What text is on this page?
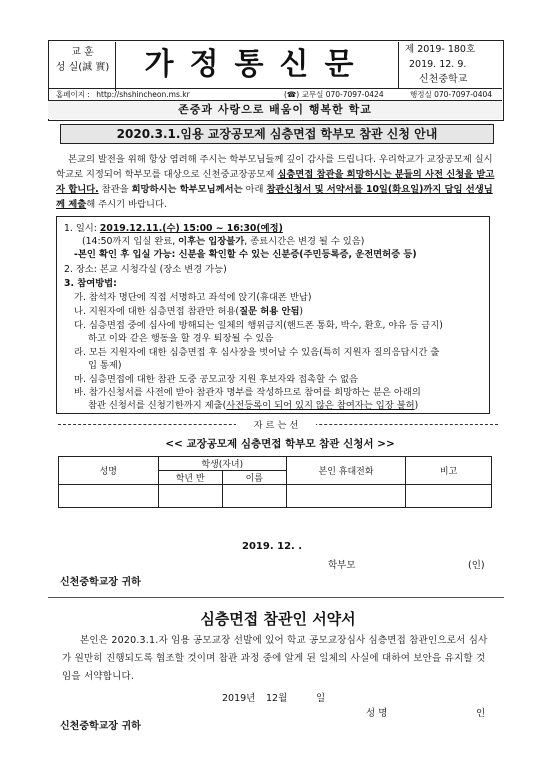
교 훈
성 실(誠 實)	가정통신문	제 2019- 180호
2019. 12. 9.
신천중학교
홈페이지 : http://shshincheon.ms.kr	(☎) 교무실 070-7097-0424	행정실 070-7097-0404
존중과 사랑으로 배움이 행복한 학교
2020.3.1.임용 교장공모제 심층면접 학부모 참관 신청 안내
본교의 발전을 위해 항상 염려해 주시는 학부모님들께 깊이 감사를 드립니다. 우리학교가 교장공모제 실시학교로 지정되어 학부모를 대상으로 신천중교장공모제 심층면접 참관을 희망하시는 분들의 사전 신청을 받고자 합니다. 참관을 희망하시는 학부모님께서는 아래 참관신청서 및 서약서를 10일(화요일)까지 담임 선생님께 제출해 주시기 바랍니다.
1. 일시: 2019.12.11.(수) 15:00 ~ 16:30(예정)
(14:50까지 입실 완료, 이후는 입장불가, 종료시간은 변경 될 수 있음)
-본인 확인 후 입실 가능: 신분을 확인할 수 있는 신분증(주민등록증, 운전면허증 등)
2. 장소: 본교 시청각실 (장소 변경 가능)
3. 참여방법:
가. 참석자 명단에 직접 서명하고 좌석에 앉기(휴대폰 반납)
나. 지원자에 대한 심층면접 참관만 허용(질문 허용 안됨)
다. 심층면접 중에 심사에 방해되는 일체의 행위금지(핸드폰 통화, 박수, 환호, 야유 등 금지)
하고 이와 같은 행동을 할 경우 퇴장될 수 있음
라. 모든 지원자에 대한 심층면접 후 심사장을 벗어날 수 있음(특히 지원자 질의응답시간 출
입 통제)
마. 심층면접에 대한 참관 도중 공모교장 지원 후보자와 접촉할 수 없음
자 르 는 선
<< 교장공모제 심층면접 학부모 참관 신청서 >>
성명	학생(자녀)		본인 휴대전화	비고
	학년 반	이름		

2019. 12. .
학부모	(인)
신천중학교장 귀하
심층면접 참관인 서약서
본인은 2020.3.1.자 임용 공모교장 선발에 있어 학교 공모교장심사 심층면접 참관인으로서 심사가 원만히 진행되도록 협조할 것이며 참관 과정 중에 알게 된 일체의 사실에 대하여 보안을 유지할 것임을 서약합니다.
2019년 12월	일
성 명	인
신천중학교장 귀하
바. 참가신청서를 사전에 받아 참관자 명부를 작성하므로 참여를 희망하는 분은 아래의
참관 신청서를 신청기한까지 제출(사전등록이 되어 있지 않은 참여자는 입장 불허)
